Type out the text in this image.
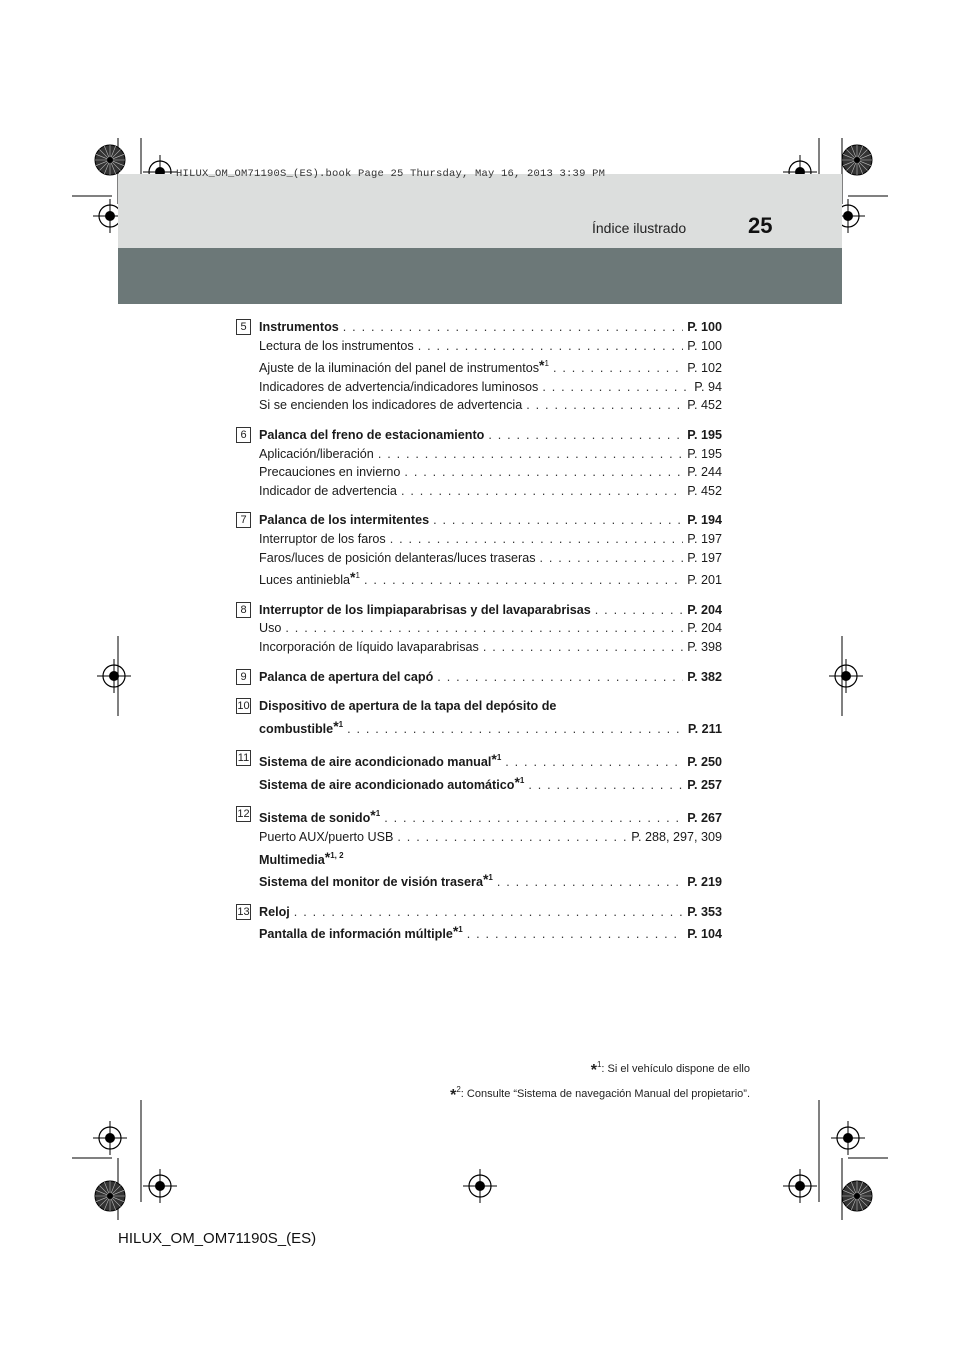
HILUX_OM_OM71190S_(ES).book Page 25 Thursday, May 16, 2013 3:39 PM
Índice ilustrado	25
5 Instrumentos . . .	P. 100
Lectura de los instrumentos . . .	P. 100
Ajuste de la iluminación del panel de instrumentos$^{*1}$ . . .	P. 102
Indicadores de advertencia/indicadores luminosos . . .	P. 94
Si se encienden los indicadores de advertencia . . .	P. 452
6 Palanca del freno de estacionamiento . . .	P. 195
Aplicación/liberación . . .	P. 195
Precauciones en invierno . . .	P. 244
Indicador de advertencia . . .	P. 452
7 Palanca de los intermitentes . . .	P. 194
Interruptor de los faros . . .	P. 197
Faros/luces de posición delanteras/luces traseras . . .	P. 197
Luces antiniebla$^{*1}$ . . .	P. 201
8 Interruptor de los limpiaparabrisas y del lavaparabrisas . . .	P. 204
Uso . . .	P. 204
Incorporación de líquido lavaparabrisas . . .	P. 398
9 Palanca de apertura del capó . . .	P. 382
10 Dispositivo de apertura de la tapa del depósito de
combustible$^{*1}$ . . .	P. 211
11 Sistema de aire acondicionado manual$^{*1}$ . . .	P. 250
Sistema de aire acondicionado automático$^{*1}$ . . .	P. 257
12 Sistema de sonido$^{*1}$ . . .	P. 267
Puerto AUX/puerto USB . . .	P. 288, 297, 309
Multimedia$^{*1, 2}$
Sistema del monitor de visión trasera$^{*1}$ . . .	P. 219
13 Reloj . . .	P. 353
Pantalla de información múltiple$^{*1}$ . . .	P. 104
*$^1$: Si el vehículo dispone de ello
*$^2$: Consulte “Sistema de navegación Manual del propietario”.
HILUX_OM_OM71190S_(ES)
